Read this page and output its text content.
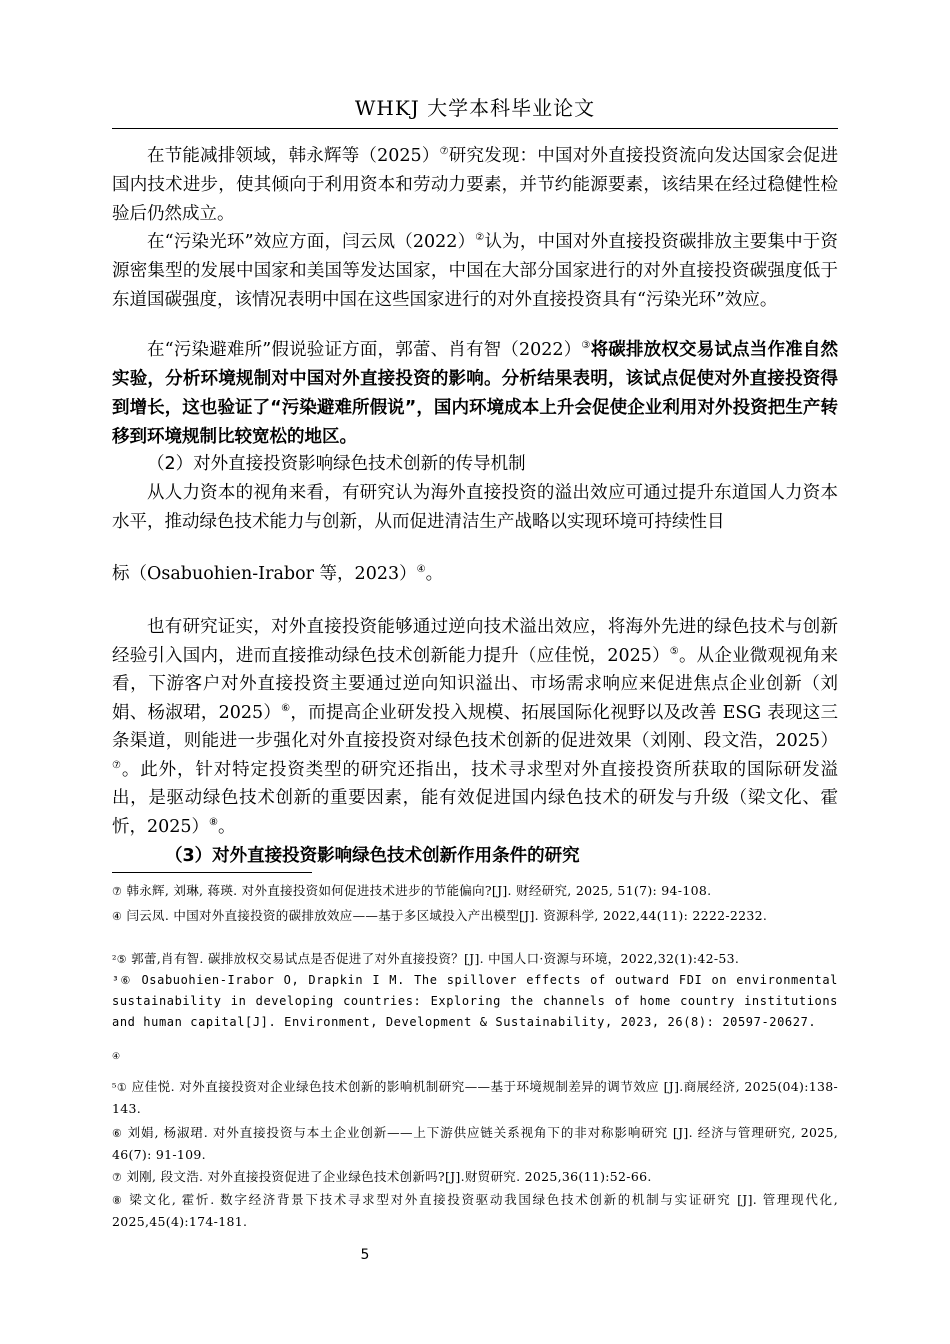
WHKJ 大学本科毕业论文

在节能减排领域，韩永辉等（2025）⑦研究发现：中国对外直接投资流向发达国家会促进国内技术进步，使其倾向于利用资本和劳动力要素，并节约能源要素，该结果在经过稳健性检验后仍然成立。

在“污染光环”效应方面，闫云凤（2022）②认为，中国对外直接投资碳排放主要集中于资源密集型的发展中国家和美国等发达国家，中国在大部分国家进行的对外直接投资碳强度低于东道国碳强度，该情况表明中国在这些国家进行的对外直接投资具有“污染光环”效应。

在“污染避难所”假说验证方面，郭蕾、肖有智（2022）③将碳排放权交易试点当作准自然实验，分析环境规制对中国对外直接投资的影响。分析结果表明，该试点促使对外直接投资得到增长，这也验证了“污染避难所假说”，国内环境成本上升会促使企业利用对外投资把生产转移到环境规制比较宽松的地区。

（2）对外直接投资影响绿色技术创新的传导机制

从人力资本的视角来看，有研究认为海外直接投资的溢出效应可通过提升东道国人力资本水平，推动绿色技术能力与创新，从而促进清洁生产战略以实现环境可持续性目

标（Osabuohien-Irabor 等，2023）④。

也有研究证实，对外直接投资能够通过逆向技术溢出效应，将海外先进的绿色技术与创新经验引入国内，进而直接推动绿色技术创新能力提升（应佳悦，2025）⑤。从企业微观视角来看，下游客户对外直接投资主要通过逆向知识溢出、市场需求响应来促进焦点企业创新（刘娟、杨淑珺，2025）⑥，而提高企业研发投入规模、拓展国际化视野以及改善 ESG 表现这三条渠道，则能进一步强化对外直接投资对绿色技术创新的促进效果（刘刚、段文浩，2025）⑦。此外，针对特定投资类型的研究还指出，技术寻求型对外直接投资所获取的国际研发溢出，是驱动绿色技术创新的重要因素，能有效促进国内绿色技术的研发与升级（梁文化、霍忻，2025）⑧。

（3）对外直接投资影响绿色技术创新作用条件的研究

⑦ 韩永辉, 刘琳, 蒋瑛. 对外直接投资如何促进技术进步的节能偏向?[J]. 财经研究, 2025, 51(7): 94-108.

④ 闫云凤. 中国对外直接投资的碳排放效应——基于多区域投入产出模型[J]. 资源科学, 2022,44(11): 2222-2232.

²⑤ 郭蕾,肖有智. 碳排放权交易试点是否促进了对外直接投资？[J]. 中国人口·资源与环境，2022,32(1):42-53.

³⑥ Osabuohien-Irabor O, Drapkin I M. The spillover effects of outward FDI on environmental sustainability in developing countries: Exploring the channels of home country institutions and human capital[J]. Environment, Development & Sustainability, 2023, 26(8): 20597-20627.

④

⁵① 应佳悦. 对外直接投资对企业绿色技术创新的影响机制研究——基于环境规制差异的调节效应 [J].商展经济, 2025(04):138-143.

⑥ 刘娟, 杨淑珺. 对外直接投资与本土企业创新——上下游供应链关系视角下的非对称影响研究 [J]. 经济与管理研究, 2025, 46(7): 91-109.

⑦ 刘刚, 段文浩. 对外直接投资促进了企业绿色技术创新吗?[J].财贸研究. 2025,36(11):52-66.

⑧ 梁文化, 霍忻. 数字经济背景下技术寻求型对外直接投资驱动我国绿色技术创新的机制与实证研究 [J]. 管理现代化, 2025,45(4):174-181.

5
